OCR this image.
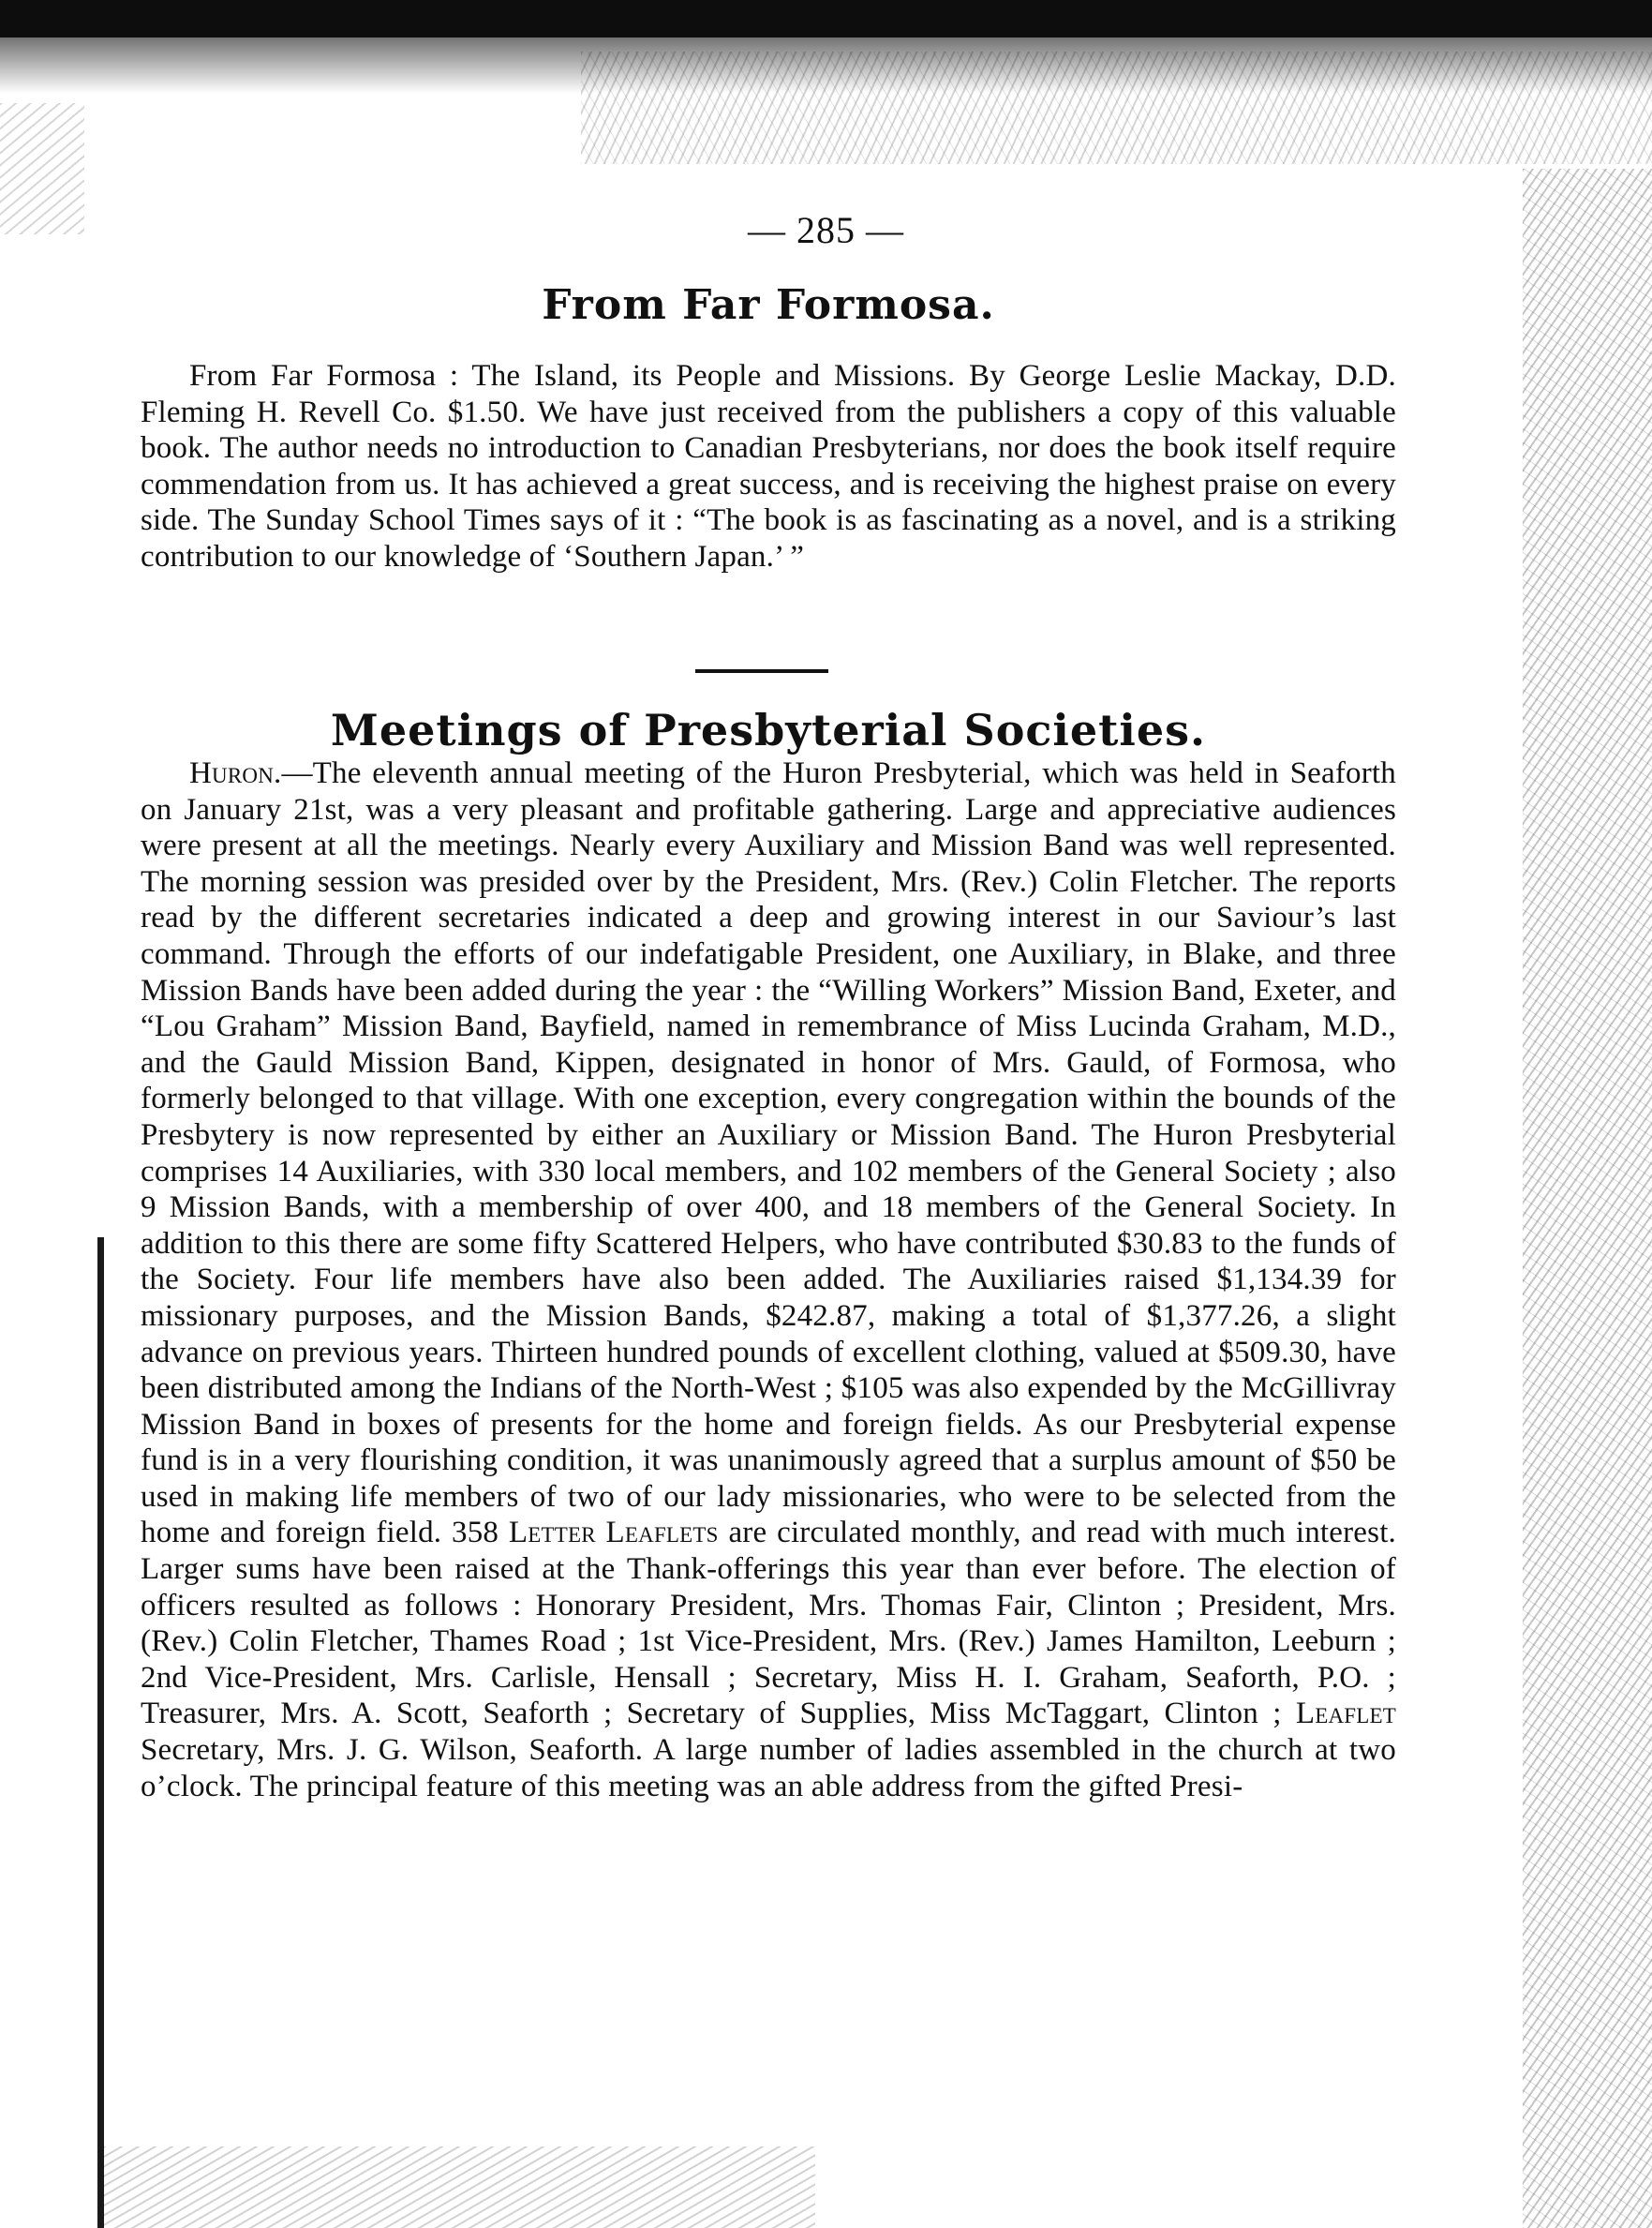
— 285 —
From Far Formosa.

From Far Formosa : The Island, its People and Missions. By George Leslie Mackay, D.D. Fleming H. Revell Co. $1.50. We have just received from the publishers a copy of this valuable book. The author needs no introduction to Canadian Presbyterians, nor does the book itself require commendation from us. It has achieved a great success, and is receiving the highest praise on every side. The Sunday School Times says of it : “The book is as fascinating as a novel, and is a striking contribution to our knowledge of ‘Southern Japan.’ ”

Meetings of Presbyterial Societies.

Huron.—The eleventh annual meeting of the Huron Presbyterial, which was held in Seaforth on January 21st, was a very pleasant and profitable gathering. Large and appreciative audiences were present at all the meetings. Nearly every Auxiliary and Mission Band was well represented. The morning session was presided over by the President, Mrs. (Rev.) Colin Fletcher. The reports read by the different secretaries indicated a deep and growing interest in our Saviour’s last command. Through the efforts of our indefatigable President, one Auxiliary, in Blake, and three Mission Bands have been added during the year : the “Willing Workers” Mission Band, Exeter, and “Lou Graham” Mission Band, Bayfield, named in remembrance of Miss Lucinda Graham, M.D., and the Gauld Mission Band, Kippen, designated in honor of Mrs. Gauld, of Formosa, who formerly belonged to that village. With one exception, every congregation within the bounds of the Presbytery is now represented by either an Auxiliary or Mission Band. The Huron Presbyterial comprises 14 Auxiliaries, with 330 local members, and 102 members of the General Society ; also 9 Mission Bands, with a membership of over 400, and 18 members of the General Society. In addition to this there are some fifty Scattered Helpers, who have contributed $30.83 to the funds of the Society. Four life members have also been added. The Auxiliaries raised $1,134.39 for missionary purposes, and the Mission Bands, $242.87, making a total of $1,377.26, a slight advance on previous years. Thirteen hundred pounds of excellent clothing, valued at $509.30, have been distributed among the Indians of the North-West ; $105 was also expended by the McGillivray Mission Band in boxes of presents for the home and foreign fields. As our Presbyterial expense fund is in a very flourishing condition, it was unanimously agreed that a surplus amount of $50 be used in making life members of two of our lady missionaries, who were to be selected from the home and foreign field. 358 Letter Leaflets are circulated monthly, and read with much interest. Larger sums have been raised at the Thank-offerings this year than ever before. The election of officers resulted as follows : Honorary President, Mrs. Thomas Fair, Clinton ; President, Mrs. (Rev.) Colin Fletcher, Thames Road ; 1st Vice-President, Mrs. (Rev.) James Hamilton, Leeburn ; 2nd Vice-President, Mrs. Carlisle, Hensall ; Secretary, Miss H. I. Graham, Seaforth, P.O. ; Treasurer, Mrs. A. Scott, Seaforth ; Secretary of Supplies, Miss McTaggart, Clinton ; Leaflet Secretary, Mrs. J. G. Wilson, Seaforth. A large number of ladies assembled in the church at two o’clock. The principal feature of this meeting was an able address from the gifted Presi-
